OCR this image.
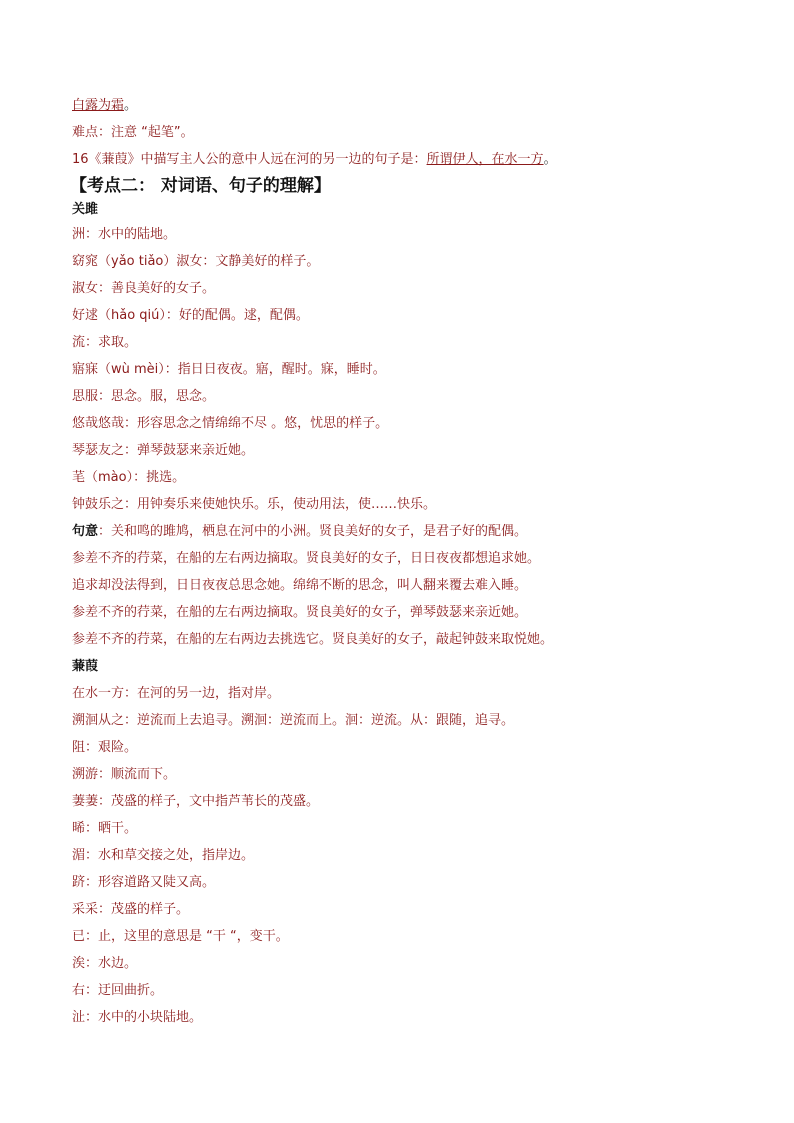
白露为霜。
难点：注意 “起笔”。
16《蒹葭》中描写主人公的意中人远在河的另一边的句子是：所谓伊人，在水一方。
【考点二： 对词语、句子的理解】
关雎
洲：水中的陆地。
窈窕（yǎo tiǎo）淑女：文静美好的样子。
淑女：善良美好的女子。
好逑（hǎo qiú）：好的配偶。逑，配偶。
流：求取。
寤寐（wù mèi）：指日日夜夜。寤，醒时。寐，睡时。
思服：思念。服，思念。
悠哉悠哉：形容思念之情绵绵不尽 。悠，忧思的样子。
琴瑟友之：弹琴鼓瑟来亲近她。
芼（mào）：挑选。
钟鼓乐之：用钟奏乐来使她快乐。乐，使动用法，使……快乐。
句意：关和鸣的雎鸠，栖息在河中的小洲。贤良美好的女子，是君子好的配偶。
参差不齐的荇菜，在船的左右两边摘取。贤良美好的女子，日日夜夜都想追求她。
追求却没法得到，日日夜夜总思念她。绵绵不断的思念，叫人翻来覆去难入睡。
参差不齐的荇菜，在船的左右两边摘取。贤良美好的女子，弹琴鼓瑟来亲近她。
参差不齐的荇菜，在船的左右两边去挑选它。贤良美好的女子，敲起钟鼓来取悦她。
蒹葭
在水一方：在河的另一边，指对岸。
溯洄从之：逆流而上去追寻。溯洄：逆流而上。洄：逆流。从：跟随，追寻。
阻：艰险。
溯游：顺流而下。
萋萋：茂盛的样子，文中指芦苇长的茂盛。
晞：晒干。
湄：水和草交接之处，指岸边。
跻：形容道路又陡又高。
采采：茂盛的样子。
已：止，这里的意思是 “干 “，变干。
涘：水边。
右：迂回曲折。
沚：水中的小块陆地。
